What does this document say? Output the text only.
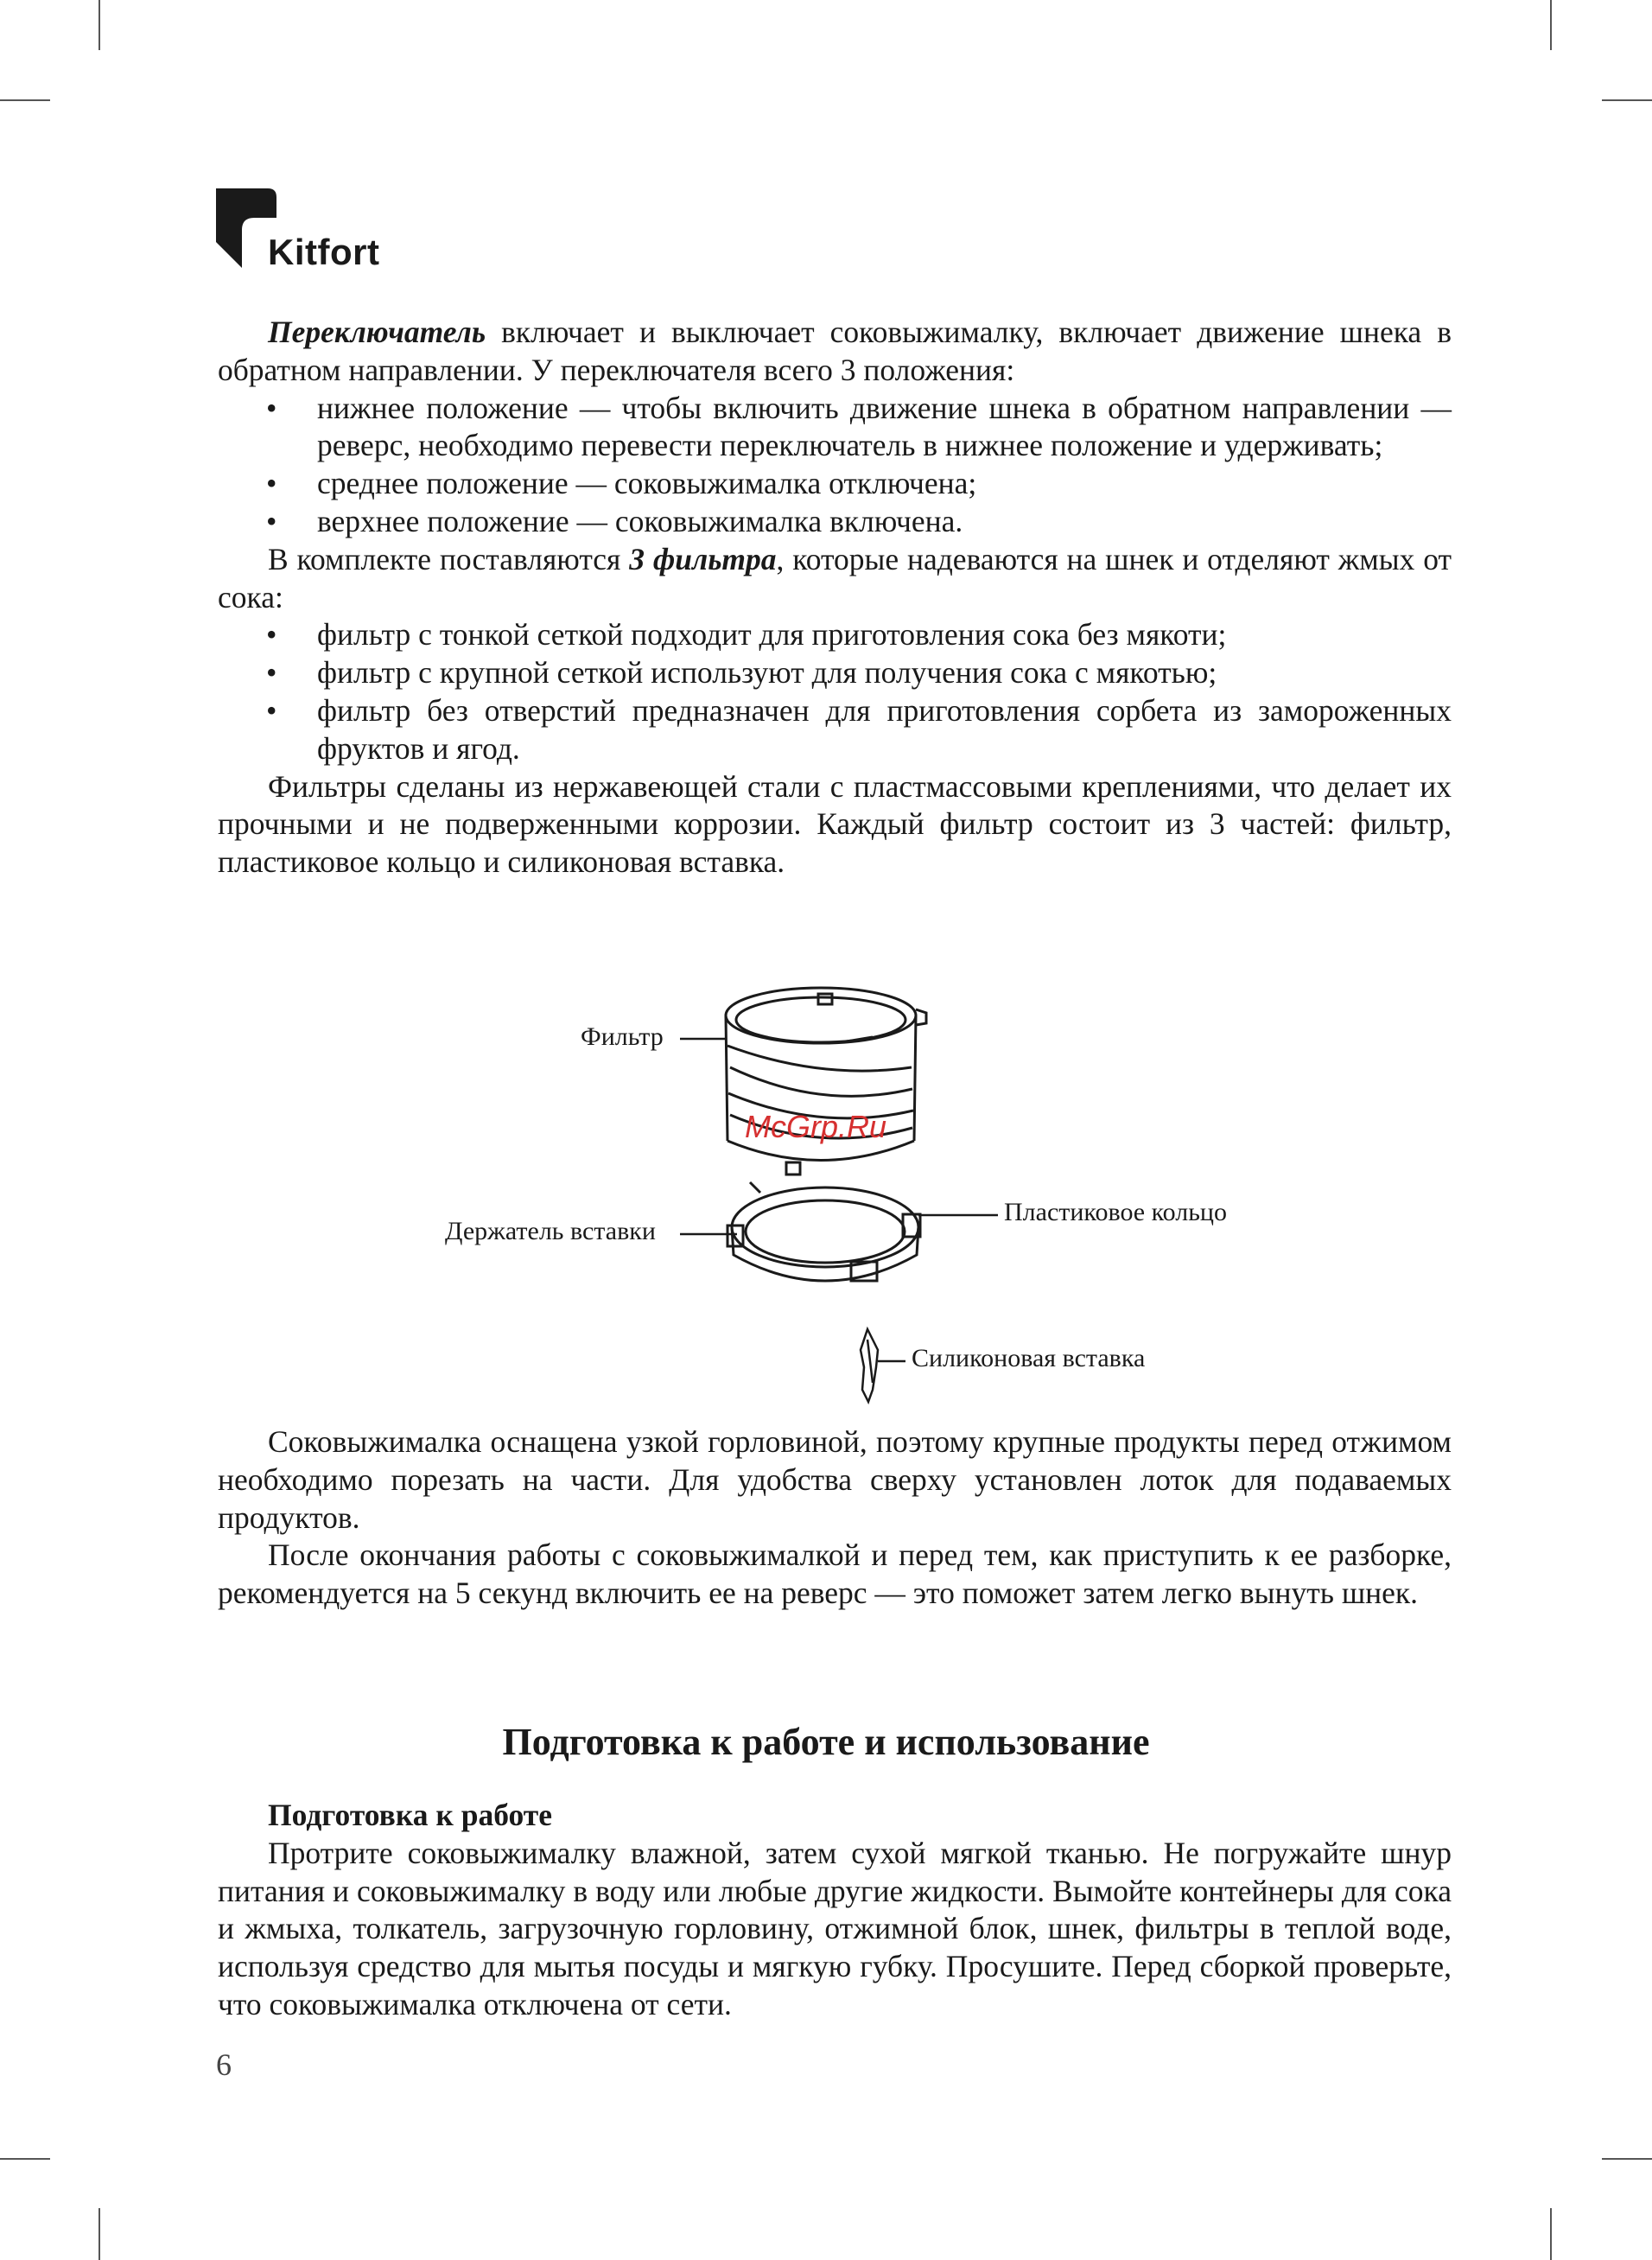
Kitfort

Переключатель включает и выключает соковыжималку, включает движение шнека в обратном направлении. У переключателя всего 3 положения:

• нижнее положение — чтобы включить движение шнека в обратном направлении — реверс, необходимо перевести переключатель в нижнее положение и удерживать;
• среднее положение — соковыжималка отключена;
• верхнее положение — соковыжималка включена.

В комплекте поставляются 3 фильтра, которые надеваются на шнек и отделяют жмых от сока:

• фильтр с тонкой сеткой подходит для приготовления сока без мякоти;
• фильтр с крупной сеткой используют для получения сока с мякотью;
• фильтр без отверстий предназначен для приготовления сорбета из замороженных фруктов и ягод.

Фильтры сделаны из нержавеющей стали с пластмассовыми креплениями, что делает их прочными и не подверженными коррозии. Каждый фильтр состоит из 3 частей: фильтр, пластиковое кольцо и силиконовая вставка.

Фильтр
Держатель вставки
Пластиковое кольцо
Силиконовая вставка
McGrp.Ru

Соковыжималка оснащена узкой горловиной, поэтому крупные продукты перед отжимом необходимо порезать на части. Для удобства сверху установлен лоток для подаваемых продуктов.

После окончания работы с соковыжималкой и перед тем, как приступить к ее разборке, рекомендуется на 5 секунд включить ее на реверс — это поможет затем легко вынуть шнек.

Подготовка к работе и использование

Подготовка к работе

Протрите соковыжималку влажной, затем сухой мягкой тканью. Не погружайте шнур питания и соковыжималку в воду или любые другие жидкости. Вымойте контейнеры для сока и жмыха, толкатель, загрузочную горловину, отжимной блок, шнек, фильтры в теплой воде, используя средство для мытья посуды и мягкую губку. Просушите. Перед сборкой проверьте, что соковыжималка отключена от сети.

6
